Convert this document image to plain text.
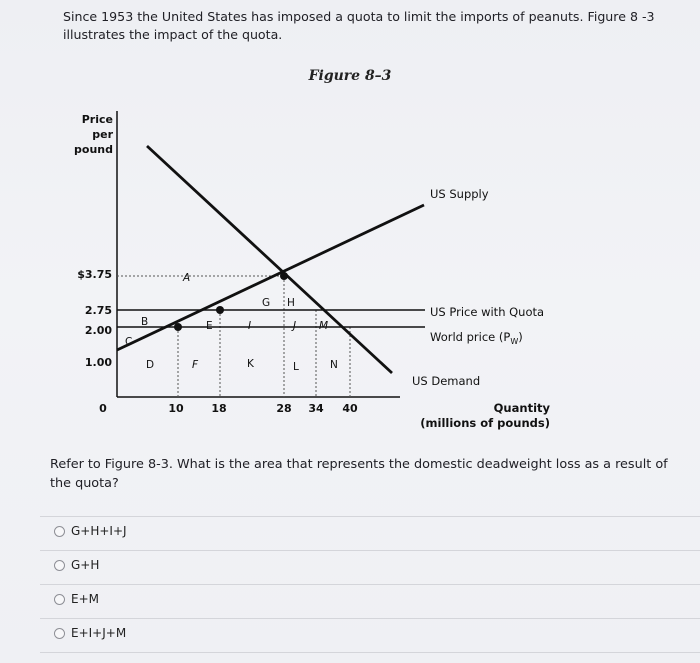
Since 1953 the United States has imposed a quota to limit the imports of peanuts. Figure 8 -3 illustrates the impact of the quota.
Figure 8–3
Price
per
pound
$3.75
2.75
2.00
1.00
0	10	18	28 34 40
A
B
C
D
E
F
G H
I	J
K	L
M
N
US Supply
US Price with Quota
World price $(P_W)$
US Demand
Quantity
(millions of pounds)
Refer to Figure 8-3. What is the area that represents the domestic deadweight loss as a result of the quota?
G+H+I+J
G+H
E+M
E+I+J+M
